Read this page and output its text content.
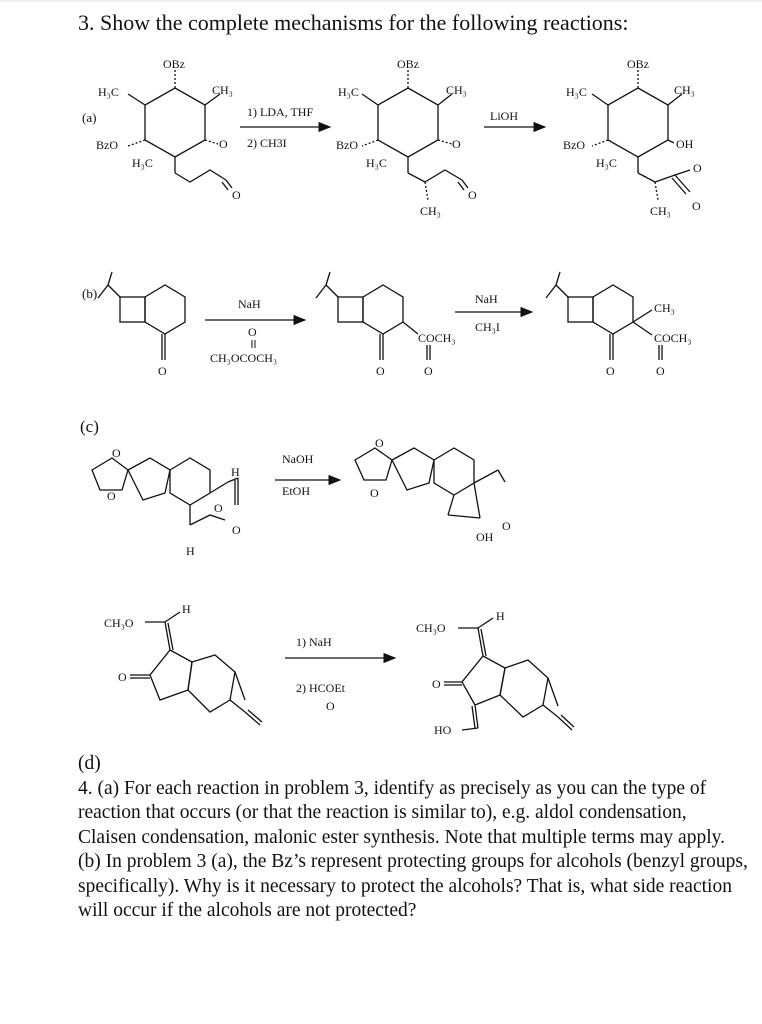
3. Show the complete mechanisms for the following reactions:
(a)
OBz
H₃C	CH₃
BzO	O
H₃C
O
1) LDA, THF
2) CH3I
OBz
H₃C	CH₃
BzO	O
H₃C
O
CH₃
LiOH
OBz
H₃C	CH₃
BzO	OH
H₃C	O
O
CH₃
(b)
O
NaH
O
CH₃OCOCH₃
O
COCH₃
O
NaH
CH₃I
O
CH₃
COCH₃
O
(c)
O
O
H
O
O
H
NaOH
EtOH
O
O
OH
O
CH₃O
H
O
1) NaH
2) HCOEt
O
CH₃O
H
O
HO

(d)

4. (a) For each reaction in problem 3, identify as precisely as you can the type of reaction that occurs (or that the reaction is similar to), e.g. aldol condensation, Claisen condensation, malonic ester synthesis. Note that multiple terms may apply.

(b) In problem 3 (a), the Bz’s represent protecting groups for alcohols (benzyl groups, specifically). Why is it necessary to protect the alcohols? That is, what side reaction will occur if the alcohols are not protected?
